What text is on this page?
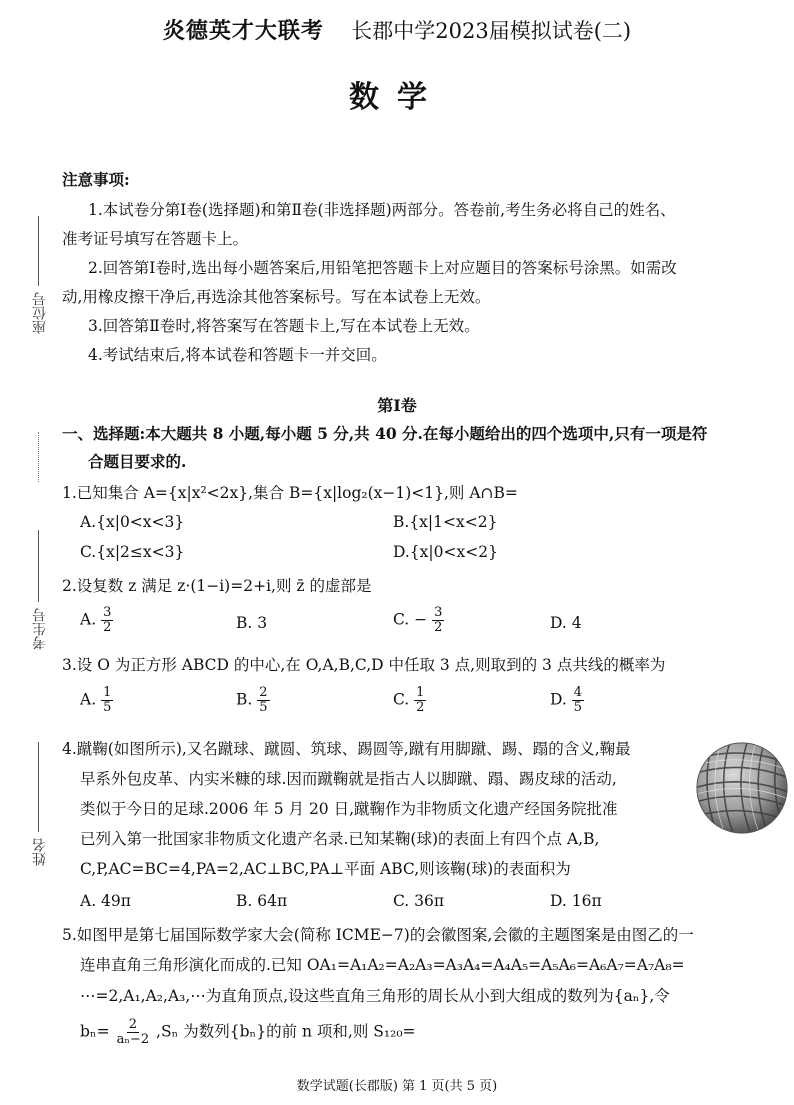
炎德英才大联考 长郡中学2023届模拟试卷(二)
数学
座位号
考生号
姓名
注意事项:
1.本试卷分第Ⅰ卷(选择题)和第Ⅱ卷(非选择题)两部分。答卷前,考生务必将自己的姓名、
准考证号填写在答题卡上。
2.回答第Ⅰ卷时,选出每小题答案后,用铅笔把答题卡上对应题目的答案标号涂黑。如需改
动,用橡皮擦干净后,再选涂其他答案标号。写在本试卷上无效。
3.回答第Ⅱ卷时,将答案写在答题卡上,写在本试卷上无效。
4.考试结束后,将本试卷和答题卡一并交回。
第Ⅰ卷
一、选择题:本大题共 8 小题,每小题 5 分,共 40 分.在每小题给出的四个选项中,只有一项是符
合题目要求的.
1.已知集合 A={x|x²<2x},集合 B={x|log₂(x−1)<1},则 A∩B=
A.{x|0<x<3}	B.{x|1<x<2}
C.{x|2≤x<3}	D.{x|0<x<2}
2.设复数 z 满足 z·(1−i)=2+i,则 z̄ 的虚部是
A. $\frac{3}{2}$	B. 3	C. − $\frac{3}{2}$	D. 4
3.设 O 为正方形 ABCD 的中心,在 O,A,B,C,D 中任取 3 点,则取到的 3 点共线的概率为
A. $\frac{1}{5}$	B. $\frac{2}{5}$	C. $\frac{1}{2}$	D. $\frac{4}{5}$
4.蹴鞠(如图所示),又名蹴球、蹴圆、筑球、踢圆等,蹴有用脚蹴、踢、蹋的含义,鞠最
早系外包皮革、内实米糠的球.因而蹴鞠就是指古人以脚蹴、蹋、踢皮球的活动,
类似于今日的足球.2006 年 5 月 20 日,蹴鞠作为非物质文化遗产经国务院批准
已列入第一批国家非物质文化遗产名录.已知某鞠(球)的表面上有四个点 A,B,
C,P,AC=BC=4,PA=2,AC⊥BC,PA⊥平面 ABC,则该鞠(球)的表面积为
A. 49π	B. 64π	C. 36π	D. 16π
5.如图甲是第七届国际数学家大会(简称 ICME−7)的会徽图案,会徽的主题图案是由图乙的一
连串直角三角形演化而成的.已知 OA₁=A₁A₂=A₂A₃=A₃A₄=A₄A₅=A₅A₆=A₆A₇=A₇A₈=
⋯=2,A₁,A₂,A₃,⋯为直角顶点,设这些直角三角形的周长从小到大组成的数列为{aₙ},令
$b_n= \frac{2}{\text{aₙ−2}} ,S_n$ 为数列{bₙ}的前 n 项和,则 S₁₂₀=
数学试题(长郡版) 第 1 页(共 5 页)
